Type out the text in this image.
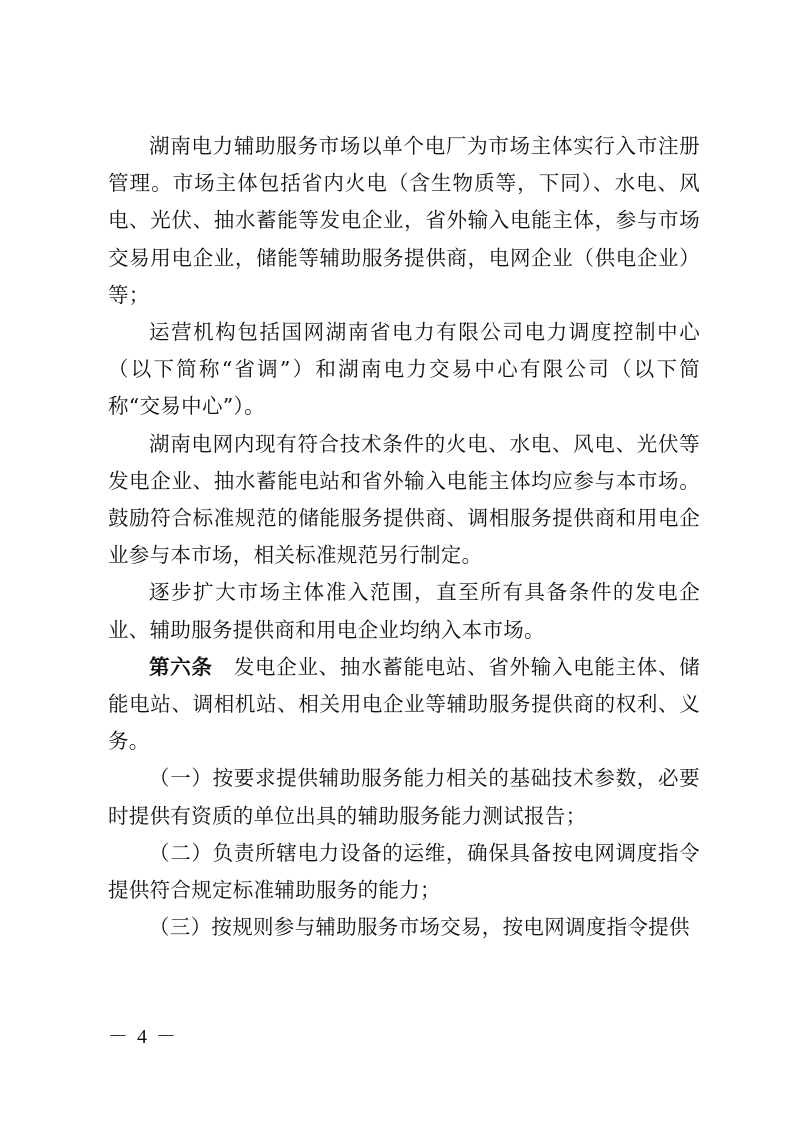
湖南电力辅助服务市场以单个电厂为市场主体实行入市注册管理。市场主体包括省内火电（含生物质等，下同）、水电、风电、光伏、抽水蓄能等发电企业，省外输入电能主体，参与市场交易用电企业，储能等辅助服务提供商，电网企业（供电企业）等；

运营机构包括国网湖南省电力有限公司电力调度控制中心（以下简称“省调”）和湖南电力交易中心有限公司（以下简称“交易中心”）。

湖南电网内现有符合技术条件的火电、水电、风电、光伏等发电企业、抽水蓄能电站和省外输入电能主体均应参与本市场。鼓励符合标准规范的储能服务提供商、调相服务提供商和用电企业参与本市场，相关标准规范另行制定。

逐步扩大市场主体准入范围，直至所有具备条件的发电企业、辅助服务提供商和用电企业均纳入本市场。

第六条　发电企业、抽水蓄能电站、省外输入电能主体、储能电站、调相机站、相关用电企业等辅助服务提供商的权利、义务。

（一）按要求提供辅助服务能力相关的基础技术参数，必要时提供有资质的单位出具的辅助服务能力测试报告；

（二）负责所辖电力设备的运维，确保具备按电网调度指令提供符合规定标准辅助服务的能力；

（三）按规则参与辅助服务市场交易，按电网调度指令提供

－ 4 －
